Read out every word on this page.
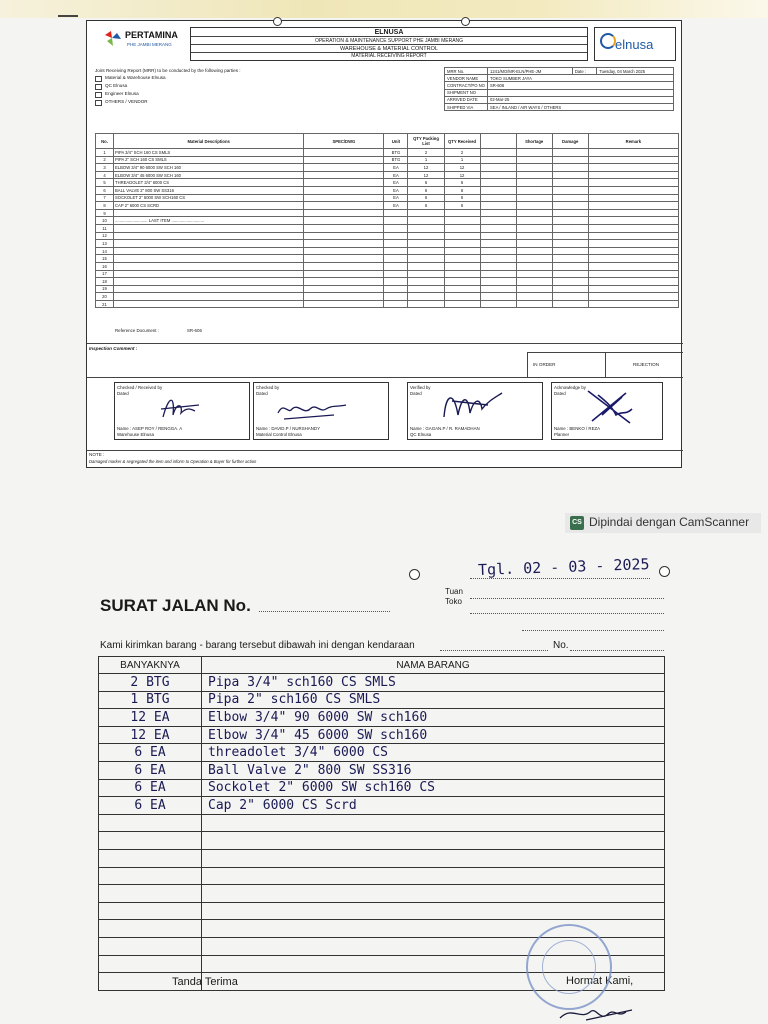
PERTAMINA
PHE JAMBI MERANG
ELNUSA
OPERATION & MAINTENANCE SUPPORT PHE JAMBI MERANG
WAREHOUSE & MATERIAL CONTROL
MATERIAL RECEIVING REPORT
elnusa
Joint Receiving Report (MRR) to be conducted by the following parties :
Material & Warehouse Elnusa
QC Elnusa
Engineer Elnusa
OTHERS / VENDOR
MRR No.	1241/MO/MR-ELN/PHE-JM	Date :	Tuesday, 04 March 2025
VENDOR NAME	TOKO SUMBER JAYA		
CONTRACT/PO NO	SR-606		
SHIPMENT NO			
ARRIVED DATE	02-Mar-25		
SHIPPED VIA	SEA / INLAND / AIR WAYS / OTHERS		
No.	Material Descriptions	SPEC/DWG	Unit	QTY Packing List	QTY Received		Shortage	Damage	Remark
1	PIPA 3/4" SCH 160 CS SMLS		BTG	2	2				
2	PIPA 2" SCH 160 CS SMLS		BTG	1	1				
3	ELBOW 3/4" 90 6000 SW SCH 160		EA	12	12				
4	ELBOW 3/4" 45 6000 SW SCH 160		EA	12	12				
5	THREADOLET 3/4" 6000 CS		EA	6	6				
6	BALL VALVE 2" 800 SW SS316		EA	6	6				
7	SOCKOLET 2" 6000 SW SCH160 CS		EA	6	6				
8	CAP 2" 6000 CS SCRD		EA	6	6				
9									
10	............................ LAST ITEM ............................								
11									
12									
13									
14									
15									
16									
17									
18									
19									
20									
21									
Reference Document :	SR-606
Inspection Comment :
IN ORDER	REJECTION
Checked / Received by
Dated
Name : ASEP ROY / RENGGA. A
Warehouse Elnusa
Checked by
Dated
Name : DAVID.P / NURSHANDY
Material Control Elnusa
Verified by
Dated
Name : GAGAN.P / R. RAMADHAN
QC Elnusa
Acknowledge by
Dated
Name : BENKO / REZA
Planner
NOTE :
Damaged marker & segregated the item and inform to Operation & Buyer for further action
CS Dipindai dengan CamScanner
Tgl. 02 - 03 - 2025
SURAT JALAN No.
Tuan
Toko
Kami kirimkan barang - barang tersebut dibawah ini dengan kendaraan	No.
BANYAKNYA	NAMA BARANG
2 BTG	Pipa 3/4" sch160 CS SMLS
1 BTG	Pipa 2" sch160 CS SMLS
12 EA	Elbow 3/4" 90 6000 SW sch160
12 EA	Elbow 3/4" 45 6000 SW sch160
6 EA	threadolet 3/4" 6000 CS
6 EA	Ball Valve 2" 800 SW SS316
6 EA	Sockolet 2" 6000 SW sch160 CS
6 EA	Cap 2" 6000 CS Scrd

Tanda Terima	Hormat Kami,
